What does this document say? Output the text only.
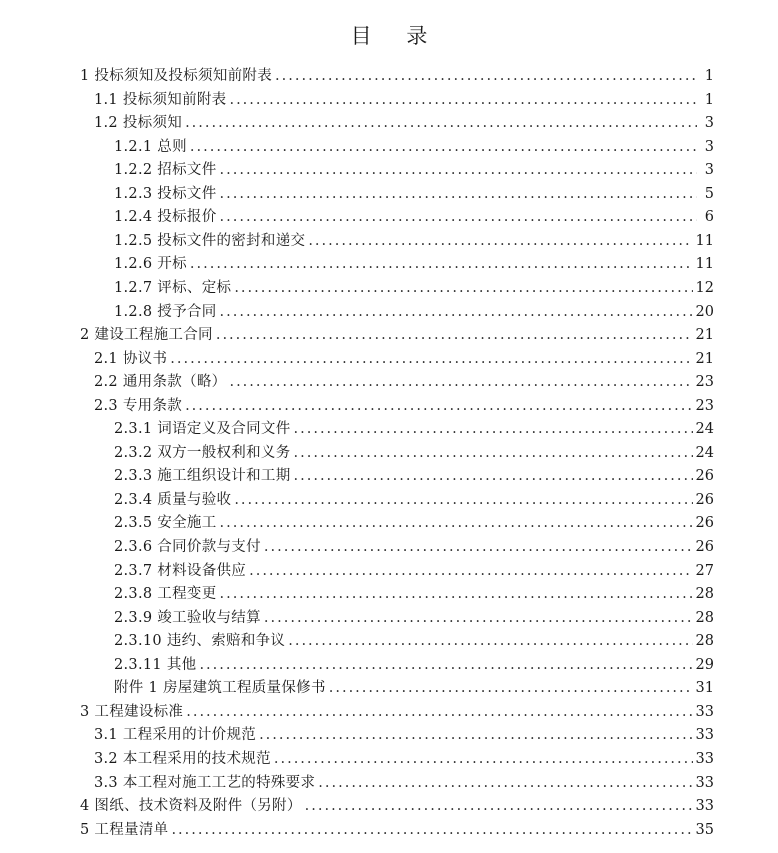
目 录
1 投标须知及投标须知前附表 .....	1
1.1 投标须知前附表 .....	1
1.2 投标须知 .....	3
1.2.1 总则 .....	3
1.2.2 招标文件 .....	3
1.2.3 投标文件 .....	5
1.2.4 投标报价 .....	6
1.2.5 投标文件的密封和递交 .....	11
1.2.6 开标 .....	11
1.2.7 评标、定标 .....	12
1.2.8 授予合同 .....	20
2 建设工程施工合同 .....	21
2.1 协议书 .....	21
2.2 通用条款（略） .....	23
2.3 专用条款 .....	23
2.3.1 词语定义及合同文件 .....	24
2.3.2 双方一般权利和义务 .....	24
2.3.3 施工组织设计和工期 .....	26
2.3.4 质量与验收 .....	26
2.3.5 安全施工 .....	26
2.3.6 合同价款与支付 .....	26
2.3.7 材料设备供应 .....	27
2.3.8 工程变更 .....	28
2.3.9 竣工验收与结算 .....	28
2.3.10 违约、索赔和争议 .....	28
2.3.11 其他 .....	29
附件 1 房屋建筑工程质量保修书 .....	31
3 工程建设标准 .....	33
3.1 工程采用的计价规范 .....	33
3.2 本工程采用的技术规范 .....	33
3.3 本工程对施工工艺的特殊要求 .....	33
4 图纸、技术资料及附件（另附） .....	33
5 工程量清单 .....	35
